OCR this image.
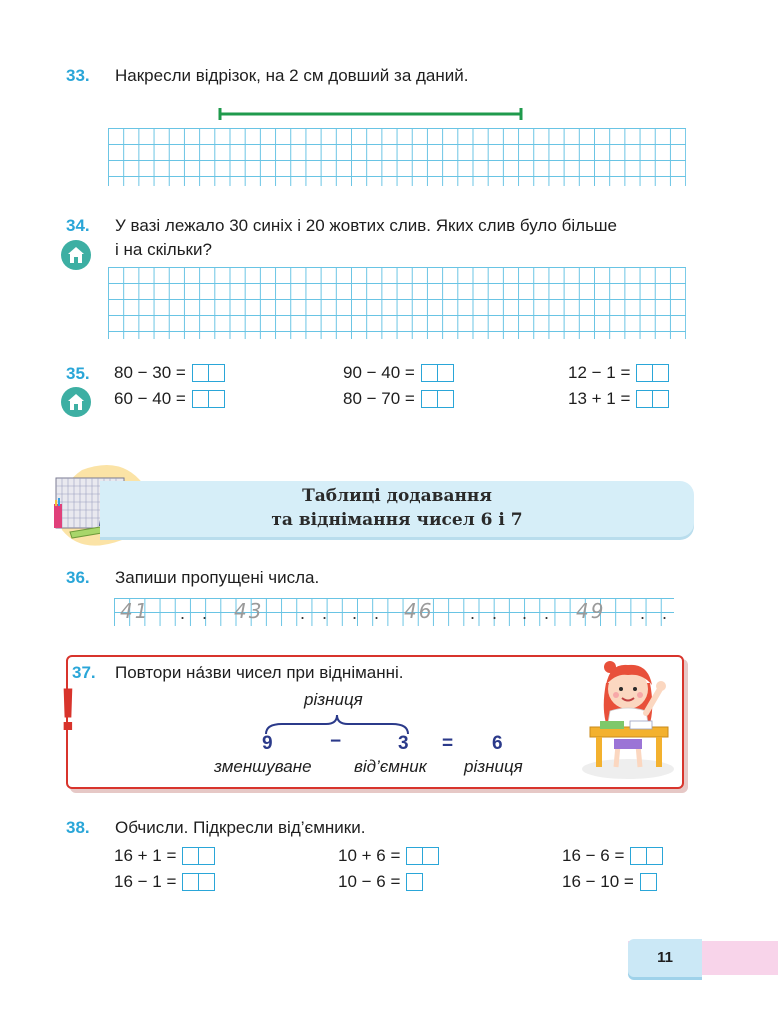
33. Накресли відрізок, на 2 см довший за даний.
34. У вазі лежало 30 синіх і 20 жовтих слив. Яких слив було більше
і на скільки?
35. 80 − 30 =
60 − 40 =
90 − 40 =
80 − 70 =
12 − 1 =
13 + 1 =
Таблиці додавання
та віднімання чисел 6 і 7
36. Запиши пропущені числа.
41 . . 43 . . . . 46 . . . . 49 . .
!
37. Повтори на́зви чисел при відніманні.
різниця
9	−	3 = 6
зменшуване від’ємник різниця
38. Обчисли. Підкресли від’ємники.
16 + 1 =
16 − 1 =
10 + 6 =
10 − 6 =
16 − 6 =
16 − 10 =
11
